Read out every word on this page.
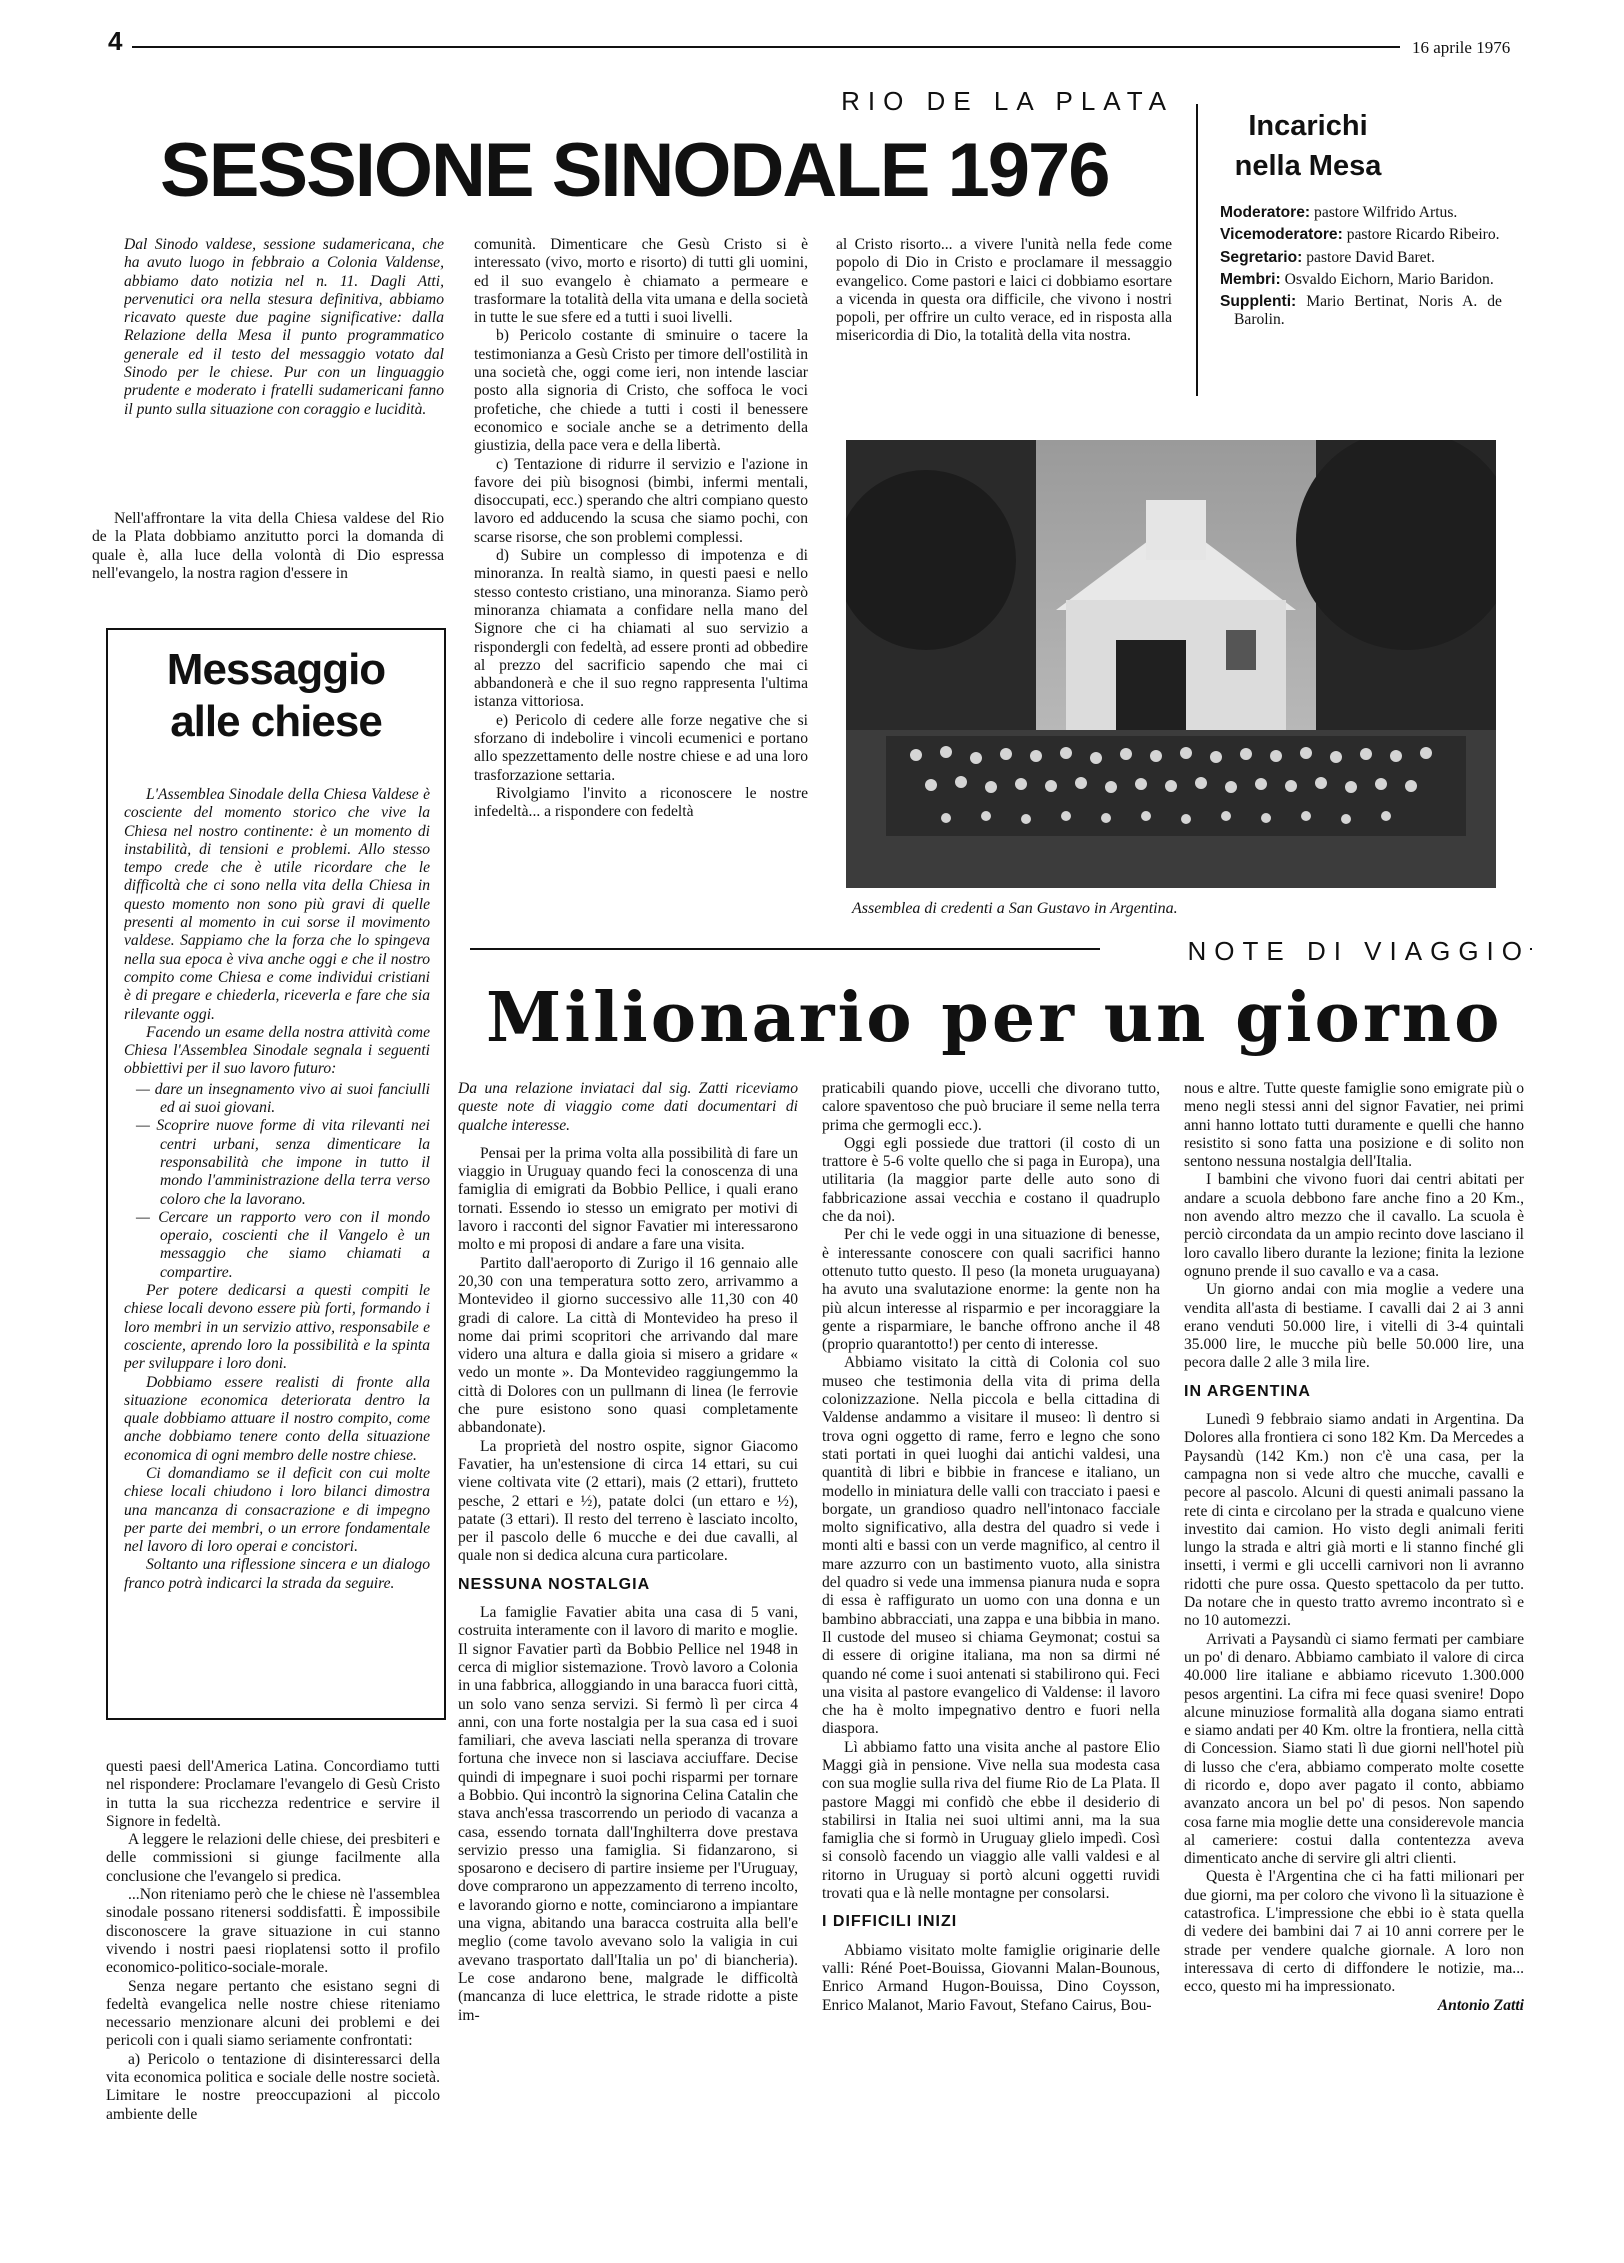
4	16 aprile 1976
RIO DE LA PLATA
SESSIONE SINODALE 1976
Dal Sinodo valdese, sessione sudamericana, che ha avuto luogo in febbraio a Colonia Valdense, abbiamo dato notizia nel n. 11. Dagli Atti, pervenutici ora nella stesura definitiva, abbiamo ricavato queste due pagine significative: dalla Relazione della Mesa il punto programmatico generale ed il testo del messaggio votato dal Sinodo per le chiese. Pur con un linguaggio prudente e moderato i fratelli sudamericani fanno il punto sulla situazione con coraggio e lucidità.

Nell'affrontare la vita della Chiesa valdese del Rio de la Plata dobbiamo anzitutto porci la domanda di quale è, alla luce della volontà di Dio espressa nell'evangelo, la nostra ragion d'essere in

comunità. Dimenticare che Gesù Cristo si è interessato (vivo, morto e risorto) di tutti gli uomini, ed il suo evangelo è chiamato a permeare e trasformare la totalità della vita umana e della società in tutte le sue sfere ed a tutti i suoi livelli.

b) Pericolo costante di sminuire o tacere la testimonianza a Gesù Cristo per timore dell'ostilità in una società che, oggi come ieri, non intende lasciar posto alla signoria di Cristo, che soffoca le voci profetiche, che chiede a tutti i costi il benessere economico e sociale anche se a detrimento della giustizia, della pace vera e della libertà.

c) Tentazione di ridurre il servizio e l'azione in favore dei più bisognosi (bimbi, infermi mentali, disoccupati, ecc.) sperando che altri compiano questo lavoro ed adducendo la scusa che siamo pochi, con scarse risorse, che son problemi complessi.

d) Subire un complesso di impotenza e di minoranza. In realtà siamo, in questi paesi e nello stesso contesto cristiano, una minoranza. Siamo però minoranza chiamata a confidare nella mano del Signore che ci ha chiamati al suo servizio a rispondergli con fedeltà, ad essere pronti ad obbedire al prezzo del sacrificio sapendo che mai ci abbandonerà e che il suo regno rappresenta l'ultima istanza vittoriosa.

e) Pericolo di cedere alle forze negative che si sforzano di indebolire i vincoli ecumenici e portano allo spezzettamento delle nostre chiese e ad una loro trasforzazione settaria.

Rivolgiamo l'invito a riconoscere le nostre infedeltà... a rispondere con fedeltà

al Cristo risorto... a vivere l'unità nella fede come popolo di Dio in Cristo e proclamare il messaggio evangelico. Come pastori e laici ci dobbiamo esortare a vicenda in questa ora difficile, che vivono i nostri popoli, per offrire un culto verace, ed in risposta alla misericordia di Dio, la totalità della vita nostra.
Incarichi
nella Mesa

Moderatore: pastore Wilfrido Artus.

Vicemoderatore: pastore Ricardo Ribeiro.

Segretario: pastore David Baret.

Membri: Osvaldo Eichorn, Mario Baridon.

Supplenti: Mario Bertinat, Noris A. de Barolin.

Messaggio
alle chiese

L'Assemblea Sinodale della Chiesa Valdese è cosciente del momento storico che vive la Chiesa nel nostro continente: è un momento di instabilità, di tensioni e problemi. Allo stesso tempo crede che è utile ricordare che le difficoltà che ci sono nella vita della Chiesa in questo momento non sono più gravi di quelle presenti al momento in cui sorse il movimento valdese. Sappiamo che la forza che lo spingeva nella sua epoca è viva anche oggi e che il nostro compito come Chiesa e come individui cristiani è di pregare e chiederla, riceverla e fare che sia rilevante oggi.

Facendo un esame della nostra attività come Chiesa l'Assemblea Sinodale segnala i seguenti obbiettivi per il suo lavoro futuro:

— dare un insegnamento vivo ai suoi fanciulli ed ai suoi giovani.
— Scoprire nuove forme di vita rilevanti nei centri urbani, senza dimenticare la responsabilità che impone in tutto il mondo l'amministrazione della terra verso coloro che la lavorano.
— Cercare un rapporto vero con il mondo operaio, coscienti che il Vangelo è un messaggio che siamo chiamati a compartire.

Per potere dedicarsi a questi compiti le chiese locali devono essere più forti, formando i loro membri in un servizio attivo, responsabile e cosciente, aprendo loro la possibilità e la spinta per sviluppare i loro doni.

Dobbiamo essere realisti di fronte alla situazione economica deteriorata dentro la quale dobbiamo attuare il nostro compito, come anche dobbiamo tenere conto della situazione economica di ogni membro delle nostre chiese.

Ci domandiamo se il deficit con cui molte chiese locali chiudono i loro bilanci dimostra una mancanza di consacrazione e di impegno per parte dei membri, o un errore fondamentale nel lavoro di loro operai e concistori.

Soltanto una riflessione sincera e un dialogo franco potrà indicarci la strada da seguire.

questi paesi dell'America Latina. Concordiamo tutti nel rispondere: Proclamare l'evangelo di Gesù Cristo in tutta la sua ricchezza redentrice e servire il Signore in fedeltà.

A leggere le relazioni delle chiese, dei presbiteri e delle commissioni si giunge facilmente alla conclusione che l'evangelo si predica.

...Non riteniamo però che le chiese nè l'assemblea sinodale possano ritenersi soddisfatti. È impossibile disconoscere la grave situazione in cui stanno vivendo i nostri paesi rioplatensi sotto il profilo economico-politico-sociale-morale.

Senza negare pertanto che esistano segni di fedeltà evangelica nelle nostre chiese riteniamo necessario menzionare alcuni dei problemi e dei pericoli con i quali siamo seriamente confrontati:

a) Pericolo o tentazione di disinteressarci della vita economica politica e sociale delle nostre società. Limitare le nostre preoccupazioni al piccolo ambiente delle

Assemblea di credenti a San Gustavo in Argentina.
NOTE DI VIAGGIO
Milionario per un giorno

Da una relazione inviataci dal sig. Zatti riceviamo queste note di viaggio come dati documentari di qualche interesse.

Pensai per la prima volta alla possibilità di fare un viaggio in Uruguay quando feci la conoscenza di una famiglia di emigrati da Bobbio Pellice, i quali erano tornati. Essendo io stesso un emigrato per motivi di lavoro i racconti del signor Favatier mi interessarono molto e mi proposi di andare a fare una visita.

Partito dall'aeroporto di Zurigo il 16 gennaio alle 20,30 con una temperatura sotto zero, arrivammo a Montevideo il giorno successivo alle 11,30 con 40 gradi di calore. La città di Montevideo ha preso il nome dai primi scopritori che arrivando dal mare videro una altura e dalla gioia si misero a gridare « vedo un monte ». Da Montevideo raggiungemmo la città di Dolores con un pullmann di linea (le ferrovie che pure esistono sono quasi completamente abbandonate).

La proprietà del nostro ospite, signor Giacomo Favatier, ha un'estensione di circa 14 ettari, su cui viene coltivata vite (2 ettari), mais (2 ettari), frutteto pesche, 2 ettari e ½), patate dolci (un ettaro e ½), patate (3 ettari). Il resto del terreno è lasciato incolto, per il pascolo delle 6 mucche e dei due cavalli, al quale non si dedica alcuna cura particolare.

NESSUNA NOSTALGIA

La famiglie Favatier abita una casa di 5 vani, costruita interamente con il lavoro di marito e moglie. Il signor Favatier partì da Bobbio Pellice nel 1948 in cerca di miglior sistemazione. Trovò lavoro a Colonia in una fabbrica, alloggiando in una baracca fuori città, un solo vano senza servizi. Si fermò lì per circa 4 anni, con una forte nostalgia per la sua casa ed i suoi familiari, che aveva lasciati nella speranza di trovare fortuna che invece non si lasciava acciuffare. Decise quindi di impegnare i suoi pochi risparmi per tornare a Bobbio. Qui incontrò la signorina Celina Catalin che stava anch'essa trascorrendo un periodo di vacanza a casa, essendo tornata dall'Inghilterra dove prestava servizio presso una famiglia. Si fidanzarono, si sposarono e decisero di partire insieme per l'Uruguay, dove comprarono un appezzamento di terreno incolto, e lavorando giorno e notte, cominciarono a impiantare una vigna, abitando una baracca costruita alla bell'e meglio (come tavolo avevano solo la valigia in cui avevano trasportato dall'Italia un po' di biancheria). Le cose andarono bene, malgrade le difficoltà (mancanza di luce elettrica, le strade ridotte a piste im-

praticabili quando piove, uccelli che divorano tutto, calore spaventoso che può bruciare il seme nella terra prima che germogli ecc.).

Oggi egli possiede due trattori (il costo di un trattore è 5-6 volte quello che si paga in Europa), una utilitaria (la maggior parte delle auto sono di fabbricazione assai vecchia e costano il quadruplo che da noi).

Per chi le vede oggi in una situazione di benesse, è interessante conoscere con quali sacrifici hanno ottenuto tutto questo. Il peso (la moneta uruguayana) ha avuto una svalutazione enorme: la gente non ha più alcun interesse al risparmio e per incoraggiare la gente a risparmiare, le banche offrono anche il 48 (proprio quarantotto!) per cento di interesse.

Abbiamo visitato la città di Colonia col suo museo che testimonia della vita di prima della colonizzazione. Nella piccola e bella cittadina di Valdense andammo a visitare il museo: lì dentro si trova ogni oggetto di rame, ferro e legno che sono stati portati in quei luoghi dai antichi valdesi, una quantità di libri e bibbie in francese e italiano, un modello in miniatura delle valli con tracciato i paesi e borgate, un grandioso quadro nell'intonaco facciale molto significativo, alla destra del quadro si vede i monti alti e bassi con un verde magnifico, al centro il mare azzurro con un bastimento vuoto, alla sinistra del quadro si vede una immensa pianura nuda e sopra di essa è raffigurato un uomo con una donna e un bambino abbracciati, una zappa e una bibbia in mano. Il custode del museo si chiama Geymonat; costui sa di essere di origine italiana, ma non sa dirmi né quando né come i suoi antenati si stabilirono qui. Feci una visita al pastore evangelico di Valdense: il lavoro che ha è molto impegnativo dentro e fuori nella diaspora.

Lì abbiamo fatto una visita anche al pastore Elio Maggi già in pensione. Vive nella sua modesta casa con sua moglie sulla riva del fiume Rio de La Plata. Il pastore Maggi mi confidò che ebbe il desiderio di stabilirsi in Italia nei suoi ultimi anni, ma la sua famiglia che si formò in Uruguay glielo impedì. Così si consolò facendo un viaggio alle valli valdesi e al ritorno in Uruguay si portò alcuni oggetti ruvidi trovati qua e là nelle montagne per consolarsi.

I DIFFICILI INIZI

Abbiamo visitato molte famiglie originarie delle valli: Réné Poet-Bouissa, Giovanni Malan-Bounous, Enrico Armand Hugon-Bouissa, Dino Coysson, Enrico Malanot, Mario Favout, Stefano Cairus, Bou-

nous e altre. Tutte queste famiglie sono emigrate più o meno negli stessi anni del signor Favatier, nei primi anni hanno lottato tutti duramente e quelli che hanno resistito si sono fatta una posizione e di solito non sentono nessuna nostalgia dell'Italia.

I bambini che vivono fuori dai centri abitati per andare a scuola debbono fare anche fino a 20 Km., non avendo altro mezzo che il cavallo. La scuola è perciò circondata da un ampio recinto dove lasciano il loro cavallo libero durante la lezione; finita la lezione ognuno prende il suo cavallo e va a casa.

Un giorno andai con mia moglie a vedere una vendita all'asta di bestiame. I cavalli dai 2 ai 3 anni erano venduti 50.000 lire, i vitelli di 3-4 quintali 35.000 lire, le mucche più belle 50.000 lire, una pecora dalle 2 alle 3 mila lire.

IN ARGENTINA

Lunedì 9 febbraio siamo andati in Argentina. Da Dolores alla frontiera ci sono 182 Km. Da Mercedes a Paysandù (142 Km.) non c'è una casa, per la campagna non si vede altro che mucche, cavalli e pecore al pascolo. Alcuni di questi animali passano la rete di cinta e circolano per la strada e qualcuno viene investito dai camion. Ho visto degli animali feriti lungo la strada e altri già morti e li stanno finché gli insetti, i vermi e gli uccelli carnivori non li avranno ridotti che pure ossa. Questo spettacolo da per tutto. Da notare che in questo tratto avremo incontrato sì e no 10 automezzi.

Arrivati a Paysandù ci siamo fermati per cambiare un po' di denaro. Abbiamo cambiato il valore di circa 40.000 lire italiane e abbiamo ricevuto 1.300.000 pesos argentini. La cifra mi fece quasi svenire! Dopo alcune minuziose formalità alla dogana siamo entrati e siamo andati per 40 Km. oltre la frontiera, nella città di Concession. Siamo stati lì due giorni nell'hotel più di lusso che c'era, abbiamo comperato molte cosette di ricordo e, dopo aver pagato il conto, abbiamo avanzato ancora un bel po' di pesos. Non sapendo cosa farne mia moglie dette una considerevole mancia al cameriere: costui dalla contentezza aveva dimenticato anche di servire gli altri clienti.

Questa è l'Argentina che ci ha fatti milionari per due giorni, ma per coloro che vivono lì la situazione è catastrofica. L'impressione che ebbi io è stata quella di vedere dei bambini dai 7 ai 10 anni correre per le strade per vendere qualche giornale. A loro non interessava di certo di diffondere le notizie, ma... ecco, questo mi ha impressionato.

Antonio Zatti
